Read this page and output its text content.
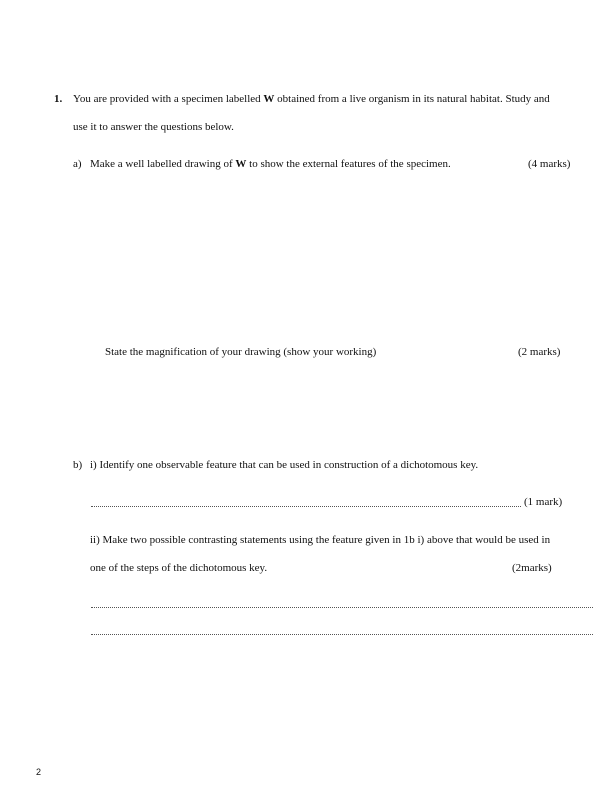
1. You are provided with a specimen labelled W obtained from a live organism in its natural habitat. Study and
use it to answer the questions below.
a) Make a well labelled drawing of W to show the external features of the specimen.	(4 marks)
State the magnification of your drawing (show your working)	(2 marks)
b) i) Identify one observable feature that can be used in construction of a dichotomous key.
(1 mark)
ii) Make two possible contrasting statements using the feature given in 1b i) above that would be used in
one of the steps of the dichotomous key.	(2marks)
2
